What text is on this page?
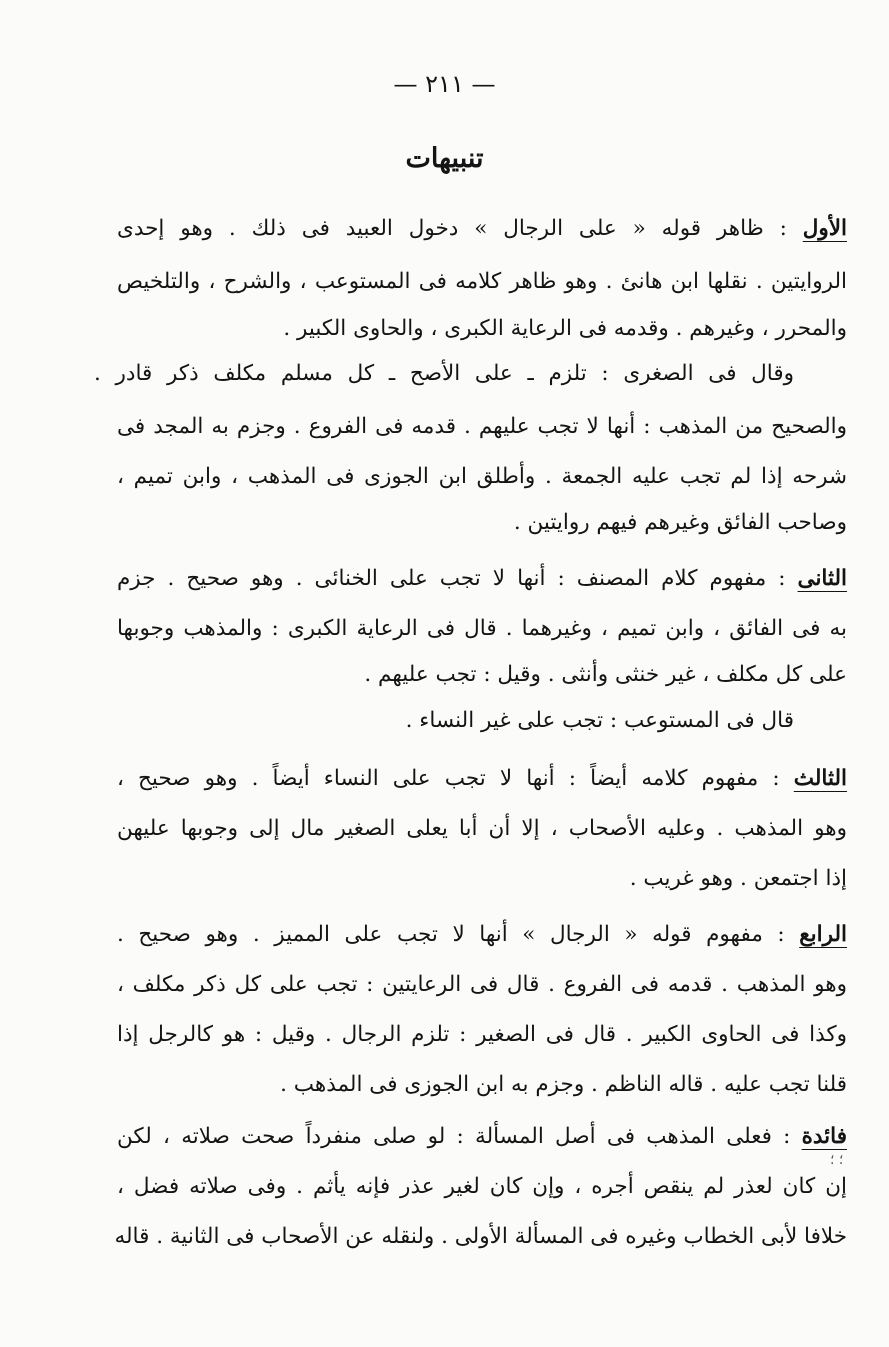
— ٢١١ —
تنبيهات
الأول : ظاهر قوله « على الرجال » دخول العبيد فى ذلك . وهو إحدى
الروايتين . نقلها ابن هانئ . وهو ظاهر كلامه فى المستوعب ، والشرح ، والتلخيص
والمحرر ، وغيرهم . وقدمه فى الرعاية الكبرى ، والحاوى الكبير .
وقال فى الصغرى : تلزم ـ على الأصح ـ كل مسلم مكلف ذكر قادر .
والصحيح من المذهب : أنها لا تجب عليهم . قدمه فى الفروع . وجزم به المجد فى
شرحه إذا لم تجب عليه الجمعة . وأطلق ابن الجوزى فى المذهب ، وابن تميم ،
وصاحب الفائق وغيرهم فيهم روايتين .
الثانى : مفهوم كلام المصنف : أنها لا تجب على الخنائى . وهو صحيح . جزم
به فى الفائق ، وابن تميم ، وغيرهما . قال فى الرعاية الكبرى : والمذهب وجوبها
على كل مكلف ، غير خنثى وأنثى . وقيل : تجب عليهم .
قال فى المستوعب : تجب على غير النساء .
الثالث : مفهوم كلامه أيضاً : أنها لا تجب على النساء أيضاً . وهو صحيح ،
وهو المذهب . وعليه الأصحاب ، إلا أن أبا يعلى الصغير مال إلى وجوبها عليهن
إذا اجتمعن . وهو غريب .
الرابع : مفهوم قوله « الرجال » أنها لا تجب على المميز . وهو صحيح .
وهو المذهب . قدمه فى الفروع . قال فى الرعايتين : تجب على كل ذكر مكلف ،
وكذا فى الحاوى الكبير . قال فى الصغير : تلزم الرجال . وقيل : هو كالرجل إذا
قلنا تجب عليه . قاله الناظم . وجزم به ابن الجوزى فى المذهب .
فائدة : فعلى المذهب فى أصل المسألة : لو صلى منفرداً صحت صلاته ، لكن
إن كان لعذر لم ينقص أجره ، وإن كان لغير عذر فإنه يأثم . وفى صلاته فضل ،
خلافا لأبى الخطاب وغيره فى المسألة الأولى . ولنقله عن الأصحاب فى الثانية . قاله
؛ ؛
